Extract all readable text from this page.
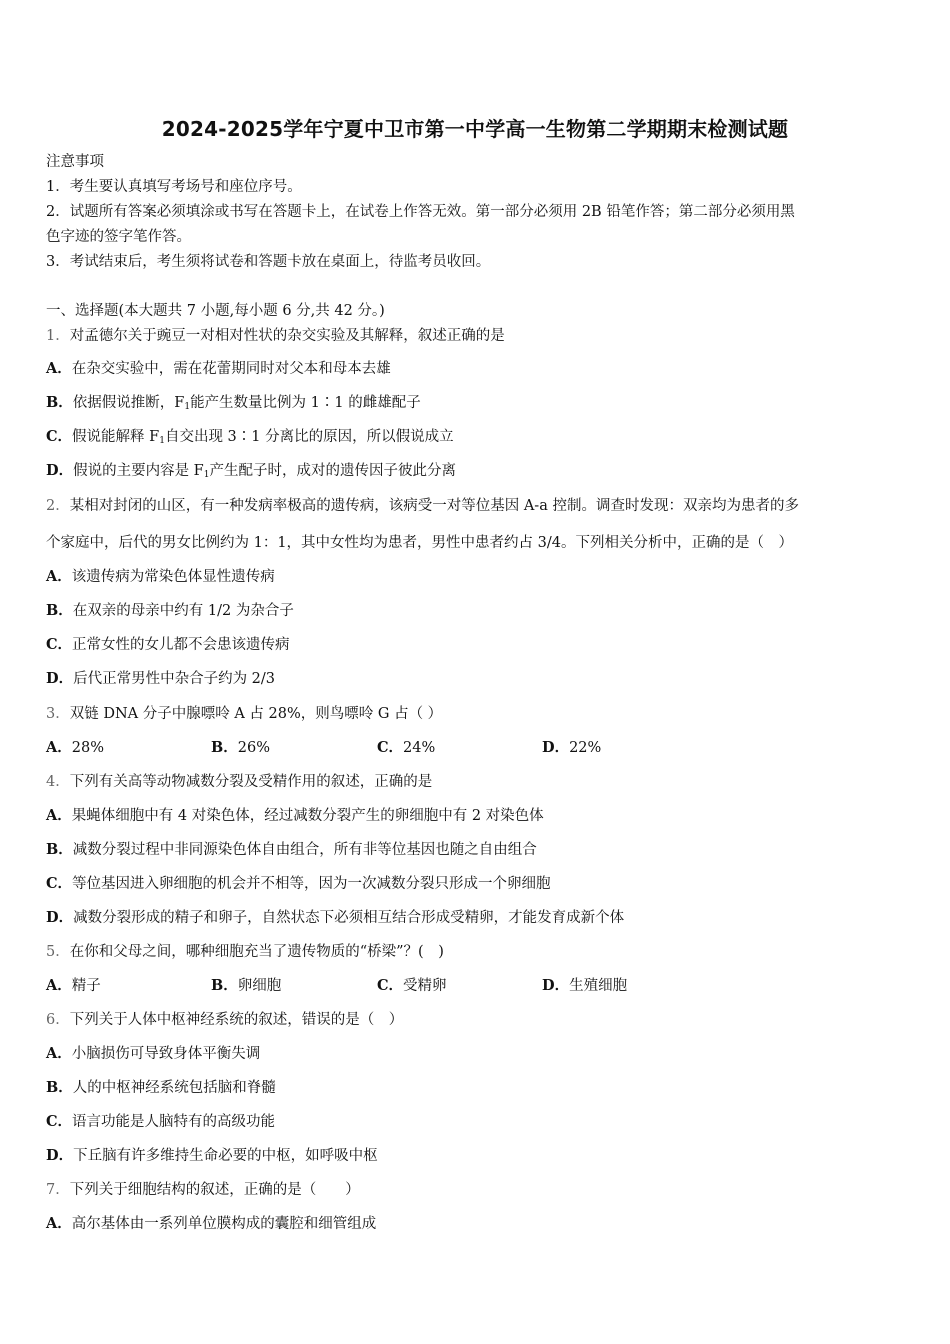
2024-2025学年宁夏中卫市第一中学高一生物第二学期期末检测试题
注意事项
1．考生要认真填写考场号和座位序号。
2．试题所有答案必须填涂或书写在答题卡上，在试卷上作答无效。第一部分必须用 2B 铅笔作答；第二部分必须用黑
色字迹的签字笔作答。
3．考试结束后，考生须将试卷和答题卡放在桌面上，待监考员收回。
一、选择题(本大题共 7 小题,每小题 6 分,共 42 分。)
1．对孟德尔关于豌豆一对相对性状的杂交实验及其解释，叙述正确的是
A．在杂交实验中，需在花蕾期同时对父本和母本去雄
B．依据假说推断，$F_1$能产生数量比例为 1∶1 的雌雄配子
C．假说能解释 $F_1$自交出现 3∶1 分离比的原因，所以假说成立
D．假说的主要内容是 $F_1$产生配子时，成对的遗传因子彼此分离
2．某相对封闭的山区，有一种发病率极高的遗传病，该病受一对等位基因 A-a 控制。调查时发现：双亲均为患者的多
个家庭中，后代的男女比例约为 1：1，其中女性均为患者，男性中患者约占 3/4。下列相关分析中，正确的是（　）
A．该遗传病为常染色体显性遗传病
B．在双亲的母亲中约有 1/2 为杂合子
C．正常女性的女儿都不会患该遗传病
D．后代正常男性中杂合子约为 2/3
3．双链 DNA 分子中腺嘌呤 A 占 28%，则鸟嘌呤 G 占（ ）
A．28%	B．26%	C．24%	D．22%
4．下列有关高等动物减数分裂及受精作用的叙述，正确的是
A．果蝇体细胞中有 4 对染色体，经过减数分裂产生的卵细胞中有 2 对染色体
B．减数分裂过程中非同源染色体自由组合，所有非等位基因也随之自由组合
C．等位基因进入卵细胞的机会并不相等，因为一次减数分裂只形成一个卵细胞
D．减数分裂形成的精子和卵子，自然状态下必须相互结合形成受精卵，才能发育成新个体
5．在你和父母之间，哪种细胞充当了遗传物质的“桥梁”？(　)
A．精子	B．卵细胞	C．受精卵	D．生殖细胞
6．下列关于人体中枢神经系统的叙述，错误的是（　）
A．小脑损伤可导致身体平衡失调
B．人的中枢神经系统包括脑和脊髓
C．语言功能是人脑特有的高级功能
D．下丘脑有许多维持生命必要的中枢，如呼吸中枢
7．下列关于细胞结构的叙述，正确的是（　　）
A．高尔基体由一系列单位膜构成的囊腔和细管组成
